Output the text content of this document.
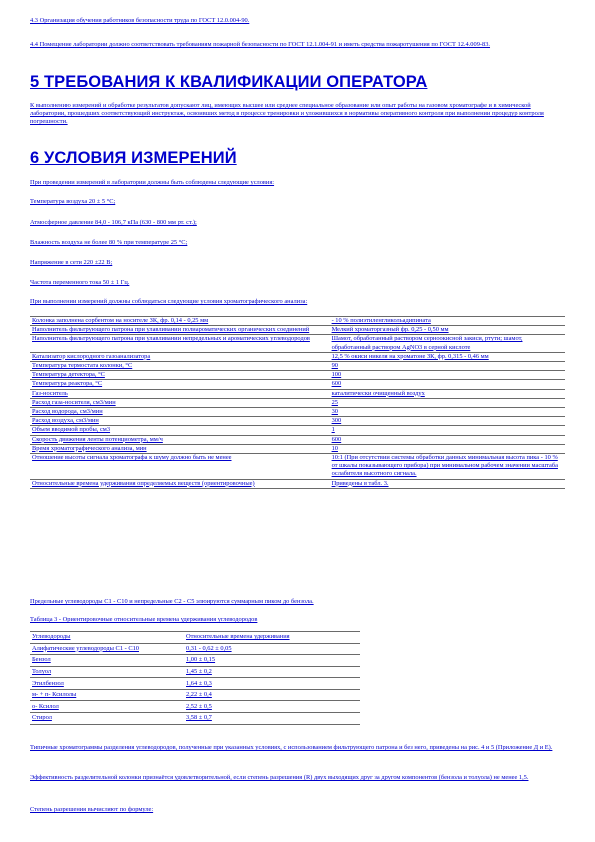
4.3 Организация обучения работников безопасности труда по ГОСТ 12.0.004-90.

4.4 Помещение лаборатории должно соответствовать требованиям пожарной безопасности по ГОСТ 12.1.004-91 и иметь средства пожаротушения по ГОСТ 12.4.009-83.

5 ТРЕБОВАНИЯ К КВАЛИФИКАЦИИ ОПЕРАТОРА

К выполнению измерений и обработке результатов допускают лиц, имеющих высшее или среднее специальное образование или опыт работы на газовом хроматографе и в химической лаборатории, прошедших соответствующий инструктаж, освоивших метод в процессе тренировки и уложившихся в нормативы оперативного контроля при выполнении процедур контроля погрешности.

6 УСЛОВИЯ ИЗМЕРЕНИЙ

При проведении измерений в лаборатории должны быть соблюдены следующие условия:

Температура воздуха 20 ± 5 °С;

Атмосферное давление 84,0 - 106,7 кПа (630 - 800 мм рт. ст.);

Влажность воздуха не более 80 % при температуре 25 °С;

Напряжение в сети 220 ±22 В;

Частота переменного тока 50 ± 1 Гц.

При выполнении измерений должны соблюдаться следующие условия хроматографического анализа:

Колонка заполнена сорбентом на носителе ЗК, фр. 0,14 - 0,25 мм	- 10 % полиэтиленгликольадипината
Наполнитель фильтрующего патрона при улавливании полиароматических органических соединений	Мелкий хроматоргазный фр. 0,25 - 0,50 мм
Наполнитель фильтрующего патрона при улавливании непредельных и ароматических углеводородов	Шамот, обработанный раствором серноокисной закиси, ртути; шамот, обработанный раствором AgNO3 в серной кислоте
Катализатор кислородного газоанализатора	12,5 % окиси никеля на хроматоне ЗК, фр. 0,315 - 0,46 мм
Температура термостата колонки, °С	90
Температура детектора, °С	100
Температура реактора, °С	600
Газ-носитель	каталитически очищенный воздух
Расход газа-носителя, см3/мин	25
Расход водорода, см3/мин	30
Расход воздуха, см3/мин	300
Объем вводимой пробы, см3	1
Скорость движения ленты потенциометра, мм/ч	600
Время хроматографического анализа, мин	10
Отношение высоты сигнала хроматографа к шуму должно быть не менее	10:1 (При отсутствии системы обработки данных минимальная высота пика - 10 % от шкалы показывающего прибора) при минимальном рабочем значении масштаба ослабителя высотного сигнала.
Относительные времена удерживания определяемых веществ (ориентировочные)	Приведены в табл. 3.

Предельные углеводороды С1 - С10 и непредельные С2 - С5 элюируются суммарным пиком до бензола.

Таблица 3 - Ориентировочные относительные времена удерживания углеводородов

Углеводороды	Относительные времена удерживания
Алифатические углеводороды С1 - С10	0,31 - 0,62 ± 0,05
Бензол	1,00 ± 0,15
Толуол	1,45 ± 0,2
Этилбензол	1,64 ± 0,3
м- + п- Ксилолы	2,22 ± 0,4
о- Ксилол	2,52 ± 0,5
Стирол	3,58 ± 0,7

Типичные хроматограммы разделения углеводородов, полученные при указанных условиях, с использованием фильтрующего патрона и без него, приведены на рис. 4 и 5 (Приложение Д и Е).

Эффективность разделительной колонки признаётся удовлетворительной, если степень разрешения (R) двух выходящих друг за другом компонентов (бензола и толуола) не менее 1,5.

Степень разрешения вычисляют по формуле:
